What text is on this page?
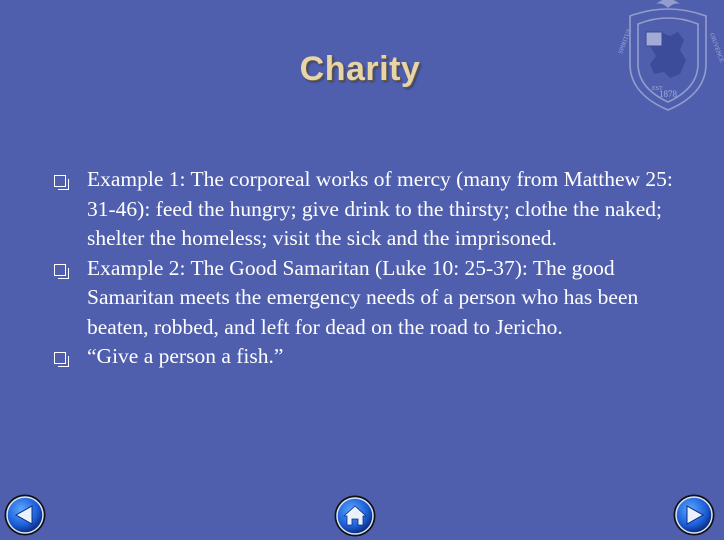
1878
SPIRITUS
EST
OIUVENCE
Charity
Example 1: The corporeal works of mercy (many from Matthew 25: 31-46): feed the hungry; give drink to the thirsty; clothe the naked; shelter the homeless; visit the sick and the imprisoned.
Example 2: The Good Samaritan (Luke 10: 25-37): The good Samaritan meets the emergency needs of a person who has been beaten, robbed, and left for dead on the road to Jericho.
“Give a person a fish.”
